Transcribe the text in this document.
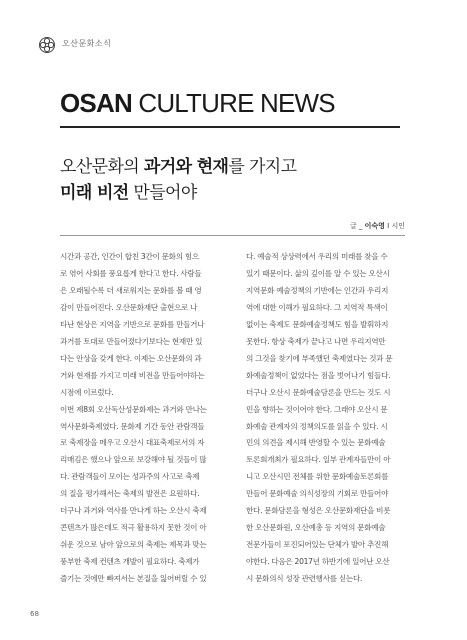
오산문화소식
OSAN CULTURE NEWS
오산문화의 과거와 현재를 가지고
미래 비전 만들어야
글 _ 이숙영 I 시인
시간과 공간, 인간이 합친 3간이 문화의 힘으
로 엮어 사회를 풍요롭게 한다고 한다. 사람들
은 오래될수록 더 새로워지는 문화를 볼 때 영
감이 만들어진다. 오산문화재단 출현으로 나
타난 현상은 지역을 기반으로 문화를 만들거나
과거를 토대로 만들어졌다기보다는 현재만 있
다는 안상을 갖게 한다. 이제는 오산문화의 과
거와 현재를 가지고 미래 비전을 만들어야하는
시점에 이르렀다.
이번 제8회 오산독산성문화제는 과거와 만나는
역사문화축제였다. 문화제 기간 동안 관람객들
로 축제장을 메우고 오산시 대표축제로서의 자
리매김은 했으나 앞으로 보강해야 될 것들이 많
다. 관람객들이 모이는 성과주의 사고로 축제
의 질을 평가해서는 축제의 발전은 요원하다.
더구나 과거와 역사를 만나게 하는 오산시 축제
콘텐츠가 많은데도 적극 활용하지 못한 것이 아
쉬운 것으로 남아 앞으로의 축제는 제목과 맞는
풍부한 축제 컨텐츠 개발이 필요하다. 축제가
즐기는 것에만 빠져서는 본질을 잃어버릴 수 있
다. 예술적 상상력에서 우리의 미래를 찾을 수
있기 때문이다. 삶의 깊이를 알 수 있는 오산시
지역문화 예술정책의 기반에는 인간과 우리지
역에 대한 이해가 필요하다. 그 지역적 특색이
없이는 축제도 문화예술정책도 힘을 발휘하지
못한다. 항상 축제가 끝나고 나면 우리지역만
의 그것을 찾기에 부족했던 축제였다는 것과 문
화예술정책이 없었다는 점을 벗어나기 힘들다.
더구나 오산시 문화예술담론을 만드는 것도 시
민을 향하는 것이어야 한다. 그래야 오산시 문
화예술 관계자의 정책의도를 읽을 수 있다. 시
민의 의견을 제시해 반영할 수 있는 문화예술
토론회개최가 필요하다. 일부 관계자들만이 아
니고 오산시민 전체를 위한 문화예술토론회를
만들어 문화예술 의식성장의 기회로 만들어야
한다. 문화담론을 형성은 오산문화재단을 비롯
한 오산문화원, 오산예총 등 지역의 문화예술
전문가들이 포진되어있는 단체가 발아 추진해
야한다. 다음은 2017년 하반기에 일어난 오산
시 문화의식 성장 관련행사를 싣는다.
68
